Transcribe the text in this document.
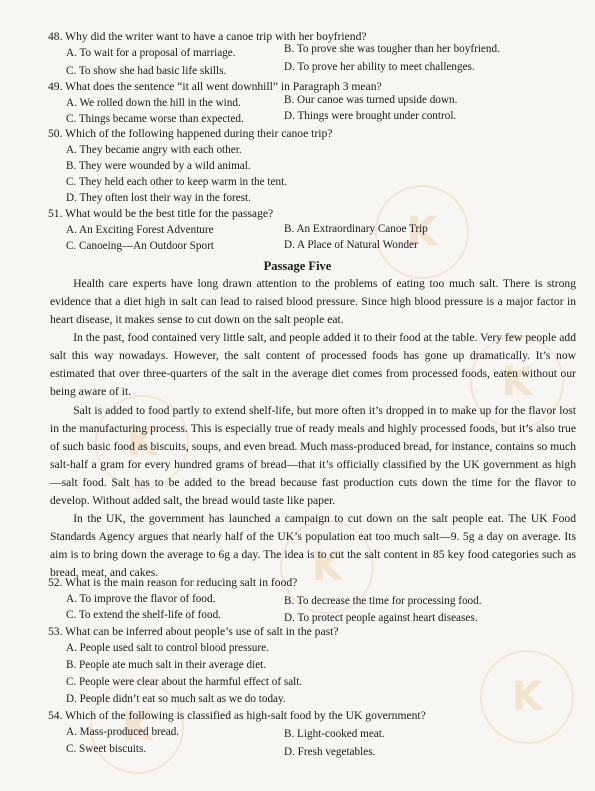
K
K
K
K
K
K
48. Why did the writer want to have a canoe trip with her boyfriend?
A. To wait for a proposal of marriage.	B. To prove she was tougher than her boyfriend.
C. To show she had basic life skills.	D. To prove her ability to meet challenges.
49. What does the sentence “it all went downhill” in Paragraph 3 mean?
A. We rolled down the hill in the wind.	B. Our canoe was turned upside down.
C. Things became worse than expected.	D. Things were brought under control.
50. Which of the following happened during their canoe trip?
A. They became angry with each other.
B. They were wounded by a wild animal.
C. They held each other to keep warm in the tent.
D. They often lost their way in the forest.
51. What would be the best title for the passage?
A. An Exciting Forest Adventure	B. An Extraordinary Canoe Trip
C. Canoeing—An Outdoor Sport	D. A Place of Natural Wonder
Passage Five

Health care experts have long drawn attention to the problems of eating too much salt. There is strong evidence that a diet high in salt can lead to raised blood pressure. Since high blood pressure is a major factor in heart disease, it makes sense to cut down on the salt people eat.

In the past, food contained very little salt, and people added it to their food at the table. Very few people add salt this way nowadays. However, the salt content of processed foods has gone up dramatically. It’s now estimated that over three-quarters of the salt in the average diet comes from processed foods, eaten without our being aware of it.

Salt is added to food partly to extend shelf-life, but more often it’s dropped in to make up for the flavor lost in the manufacturing process. This is especially true of ready meals and highly processed foods, but it’s also true of such basic food as biscuits, soups, and even bread. Much mass-produced bread, for instance, contains so much salt-half a gram for every hundred grams of bread—that it’s officially classified by the UK government as high—salt food. Salt has to be added to the bread because fast production cuts down the time for the flavor to develop. Without added salt, the bread would taste like paper.

In the UK, the government has launched a campaign to cut down on the salt people eat. The UK Food Standards Agency argues that nearly half of the UK’s population eat too much salt—9. 5g a day on average. Its aim is to bring down the average to 6g a day. The idea is to cut the salt content in 85 key food categories such as bread, meat, and cakes.

52. What is the main reason for reducing salt in food?
A. To improve the flavor of food.	B. To decrease the time for processing food.
C. To extend the shelf-life of food.	D. To protect people against heart diseases.
53. What can be inferred about people’s use of salt in the past?
A. People used salt to control blood pressure.
B. People ate much salt in their average diet.
C. People were clear about the harmful effect of salt.
D. People didn’t eat so much salt as we do today.
54. Which of the following is classified as high-salt food by the UK government?
A. Mass-produced bread.	B. Light-cooked meat.
C. Sweet biscuits.	D. Fresh vegetables.
